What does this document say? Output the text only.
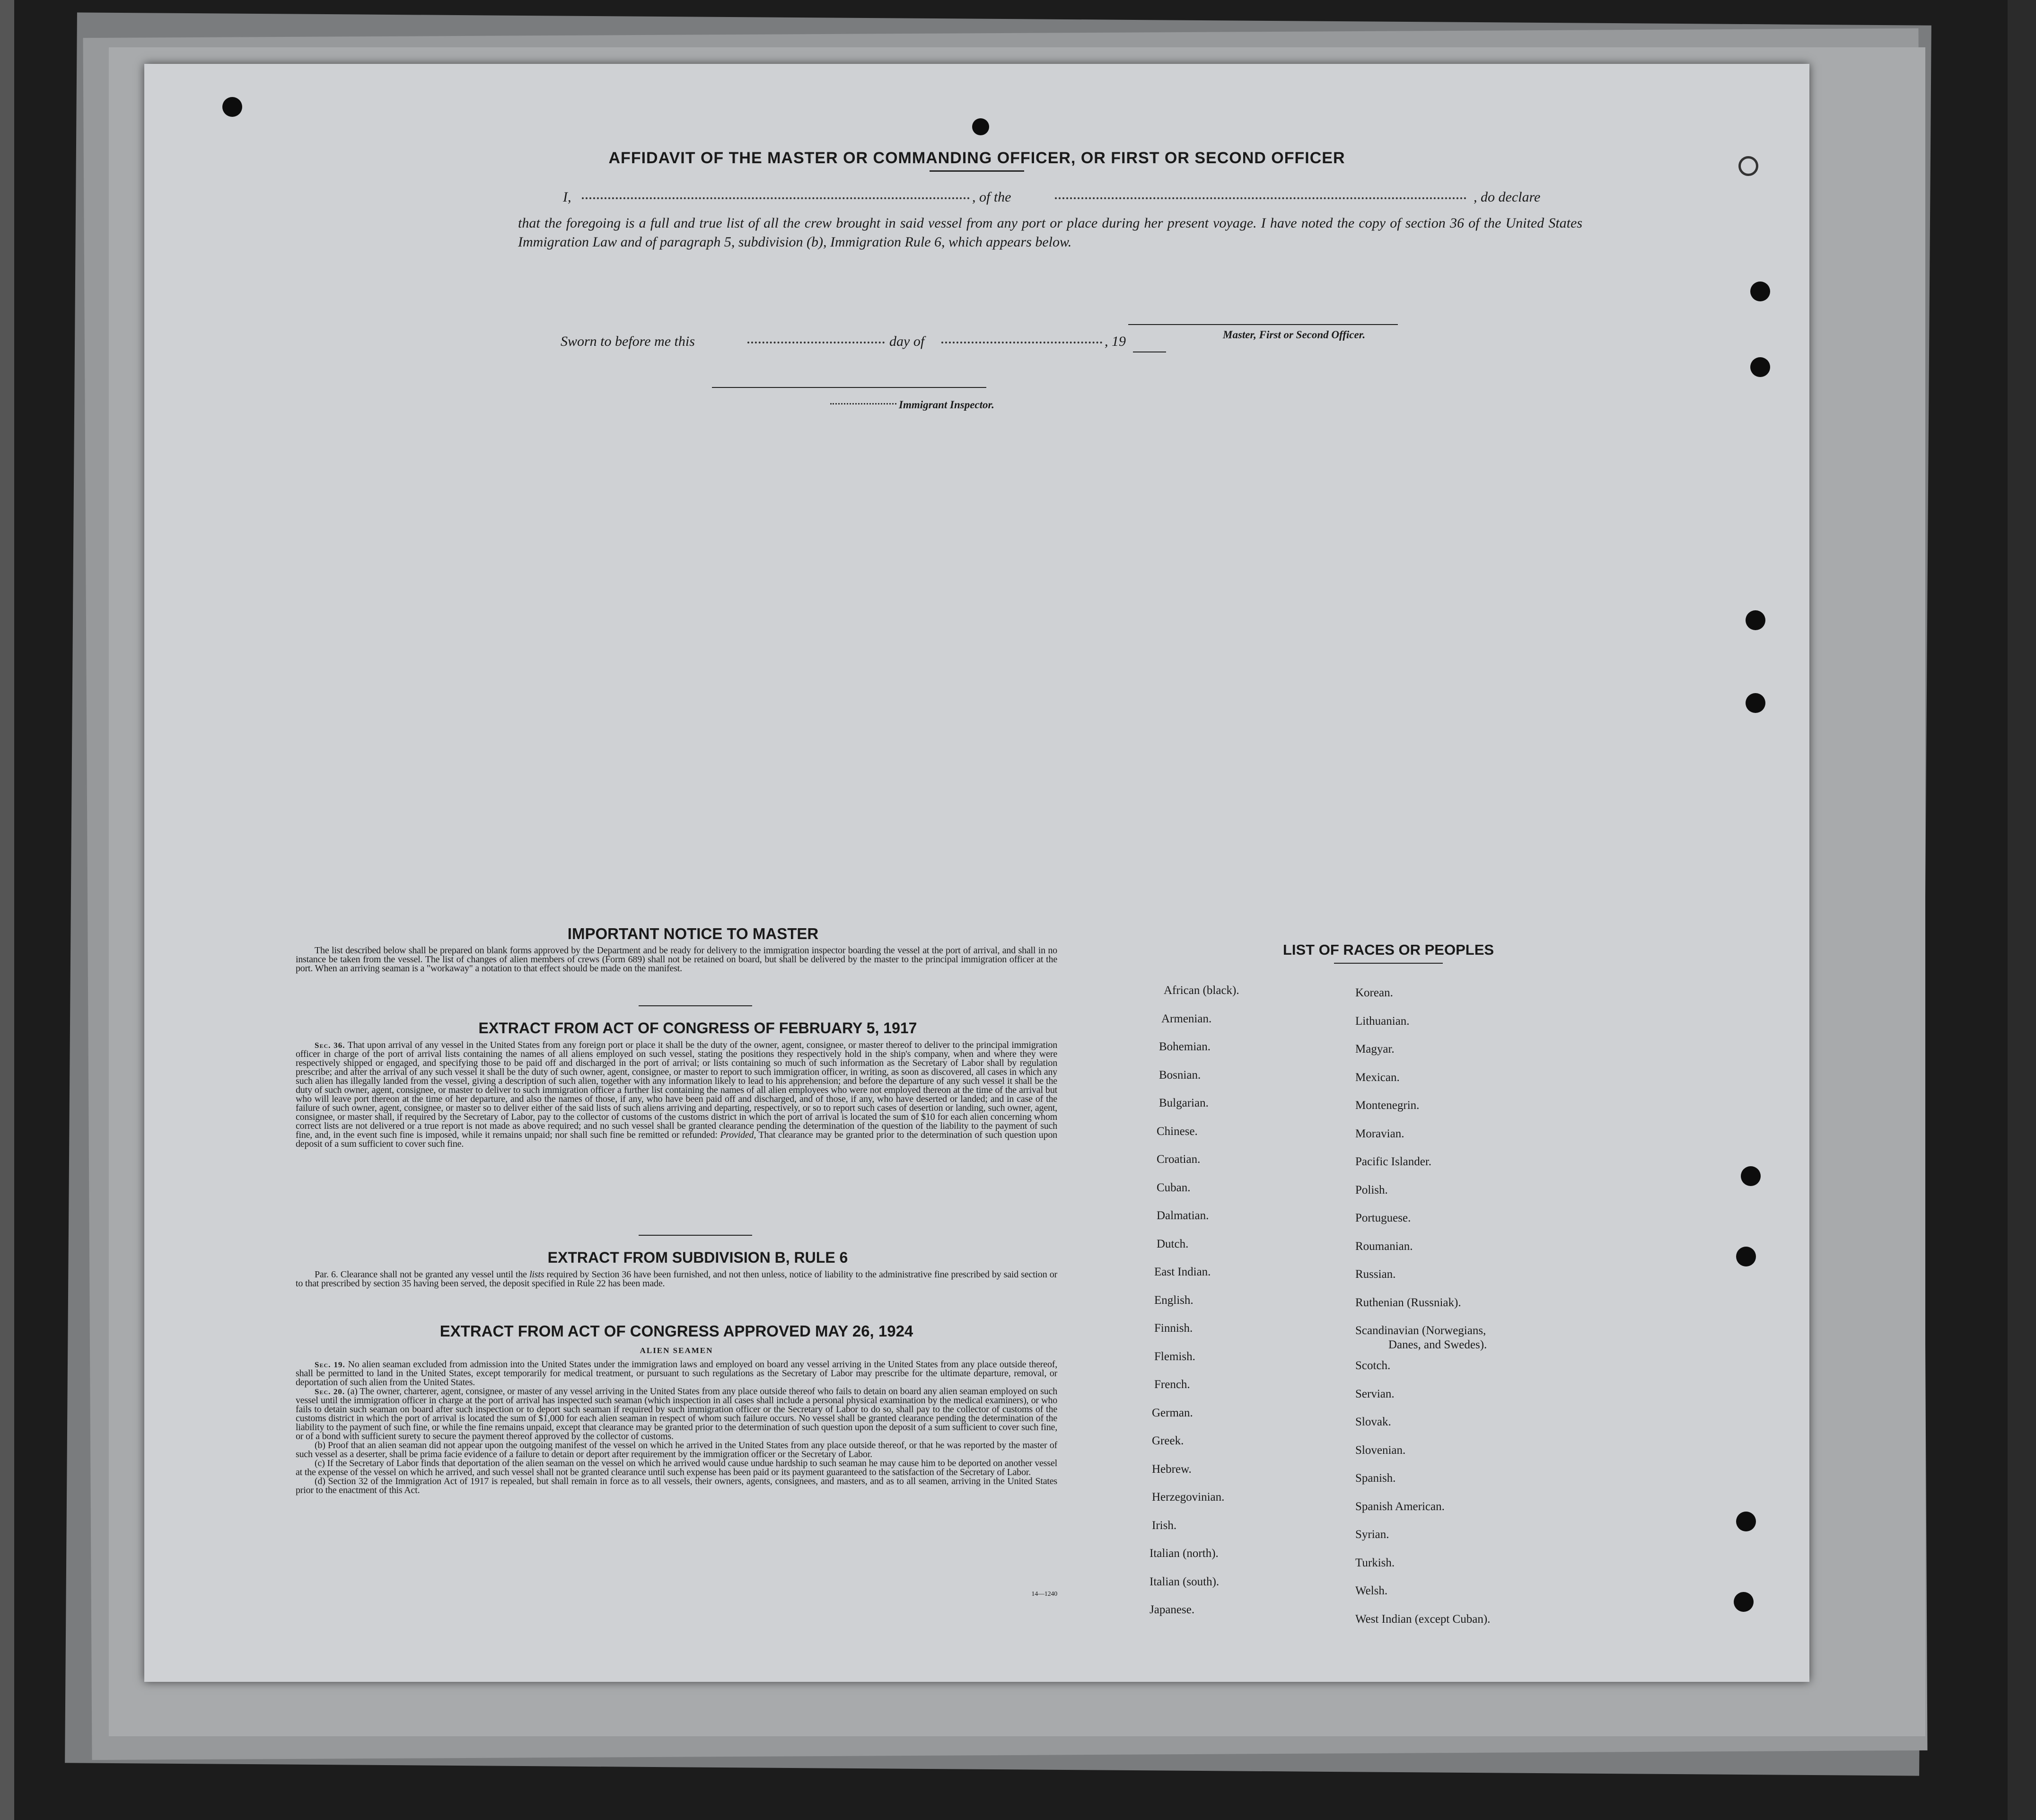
AFFIDAVIT OF THE MASTER OR COMMANDING OFFICER, OR FIRST OR SECOND OFFICER
I,	, of the	, do declare
that the foregoing is a full and true list of all the crew brought in said vessel from any port or place during her present voyage. I have noted the copy of section 36 of the United States Immigration Law and of paragraph 5, subdivision (b), Immigration Rule 6, which appears below.
Master, First or Second Officer.
Sworn to before me this	day of	, 19
Immigrant Inspector.
IMPORTANT NOTICE TO MASTER

The list described below shall be prepared on blank forms approved by the Department and be ready for delivery to the immigration inspector boarding the vessel at the port of arrival, and shall in no instance be taken from the vessel. The list of changes of alien members of crews (Form 689) shall not be retained on board, but shall be delivered by the master to the principal immigration officer at the port. When an arriving seaman is a "workaway" a notation to that effect should be made on the manifest.

EXTRACT FROM ACT OF CONGRESS OF FEBRUARY 5, 1917

Sec. 36. That upon arrival of any vessel in the United States from any foreign port or place it shall be the duty of the owner, agent, consignee, or master thereof to deliver to the principal immigration officer in charge of the port of arrival lists containing the names of all aliens employed on such vessel, stating the positions they respectively hold in the ship's company, when and where they were respectively shipped or engaged, and specifying those to be paid off and discharged in the port of arrival; or lists containing so much of such information as the Secretary of Labor shall by regulation prescribe; and after the arrival of any such vessel it shall be the duty of such owner, agent, consignee, or master to report to such immigration officer, in writing, as soon as discovered, all cases in which any such alien has illegally landed from the vessel, giving a description of such alien, together with any information likely to lead to his apprehension; and before the departure of any such vessel it shall be the duty of such owner, agent, consignee, or master to deliver to such immigration officer a further list containing the names of all alien employees who were not employed thereon at the time of the arrival but who will leave port thereon at the time of her departure, and also the names of those, if any, who have been paid off and discharged, and of those, if any, who have deserted or landed; and in case of the failure of such owner, agent, consignee, or master so to deliver either of the said lists of such aliens arriving and departing, respectively, or so to report such cases of desertion or landing, such owner, agent, consignee, or master shall, if required by the Secretary of Labor, pay to the collector of customs of the customs district in which the port of arrival is located the sum of $10 for each alien concerning whom correct lists are not delivered or a true report is not made as above required; and no such vessel shall be granted clearance pending the determination of the question of the liability to the payment of such fine, and, in the event such fine is imposed, while it remains unpaid; nor shall such fine be remitted or refunded: Provided, That clearance may be granted prior to the determination of such question upon deposit of a sum sufficient to cover such fine.

EXTRACT FROM SUBDIVISION B, RULE 6

Par. 6. Clearance shall not be granted any vessel until the lists required by Section 36 have been furnished, and not then unless, notice of liability to the administrative fine prescribed by said section or to that prescribed by section 35 having been served, the deposit specified in Rule 22 has been made.

EXTRACT FROM ACT OF CONGRESS APPROVED MAY 26, 1924
ALIEN SEAMEN

Sec. 19. No alien seaman excluded from admission into the United States under the immigration laws and employed on board any vessel arriving in the United States from any place outside thereof, shall be permitted to land in the United States, except temporarily for medical treatment, or pursuant to such regulations as the Secretary of Labor may prescribe for the ultimate departure, removal, or deportation of such alien from the United States.

Sec. 20. (a) The owner, charterer, agent, consignee, or master of any vessel arriving in the United States from any place outside thereof who fails to detain on board any alien seaman employed on such vessel until the immigration officer in charge at the port of arrival has inspected such seaman (which inspection in all cases shall include a personal physical examination by the medical examiners), or who fails to detain such seaman on board after such inspection or to deport such seaman if required by such immigration officer or the Secretary of Labor to do so, shall pay to the collector of customs of the customs district in which the port of arrival is located the sum of $1,000 for each alien seaman in respect of whom such failure occurs. No vessel shall be granted clearance pending the determination of the liability to the payment of such fine, or while the fine remains unpaid, except that clearance may be granted prior to the determination of such question upon the deposit of a sum sufficient to cover such fine, or of a bond with sufficient surety to secure the payment thereof approved by the collector of customs.

(b) Proof that an alien seaman did not appear upon the outgoing manifest of the vessel on which he arrived in the United States from any place outside thereof, or that he was reported by the master of such vessel as a deserter, shall be prima facie evidence of a failure to detain or deport after requirement by the immigration officer or the Secretary of Labor.

(c) If the Secretary of Labor finds that deportation of the alien seaman on the vessel on which he arrived would cause undue hardship to such seaman he may cause him to be deported on another vessel at the expense of the vessel on which he arrived, and such vessel shall not be granted clearance until such expense has been paid or its payment guaranteed to the satisfaction of the Secretary of Labor.

(d) Section 32 of the Immigration Act of 1917 is repealed, but shall remain in force as to all vessels, their owners, agents, consignees, and masters, and as to all seamen, arriving in the United States prior to the enactment of this Act.

14—1240
LIST OF RACES OR PEOPLES
African (black).
Armenian.
Bohemian.
Bosnian.
Bulgarian.
Chinese.
Croatian.
Cuban.
Dalmatian.
Dutch.
East Indian.
English.
Finnish.
Flemish.
French.
German.
Greek.
Hebrew.
Herzegovinian.
Irish.
Italian (north).
Italian (south).
Japanese.
Korean.
Lithuanian.
Magyar.
Mexican.
Montenegrin.
Moravian.
Pacific Islander.
Polish.
Portuguese.
Roumanian.
Russian.
Ruthenian (Russniak).
Scandinavian (Norwegians,
Danes, and Swedes).
Scotch.
Servian.
Slovak.
Slovenian.
Spanish.
Spanish American.
Syrian.
Turkish.
Welsh.
West Indian (except Cuban).
